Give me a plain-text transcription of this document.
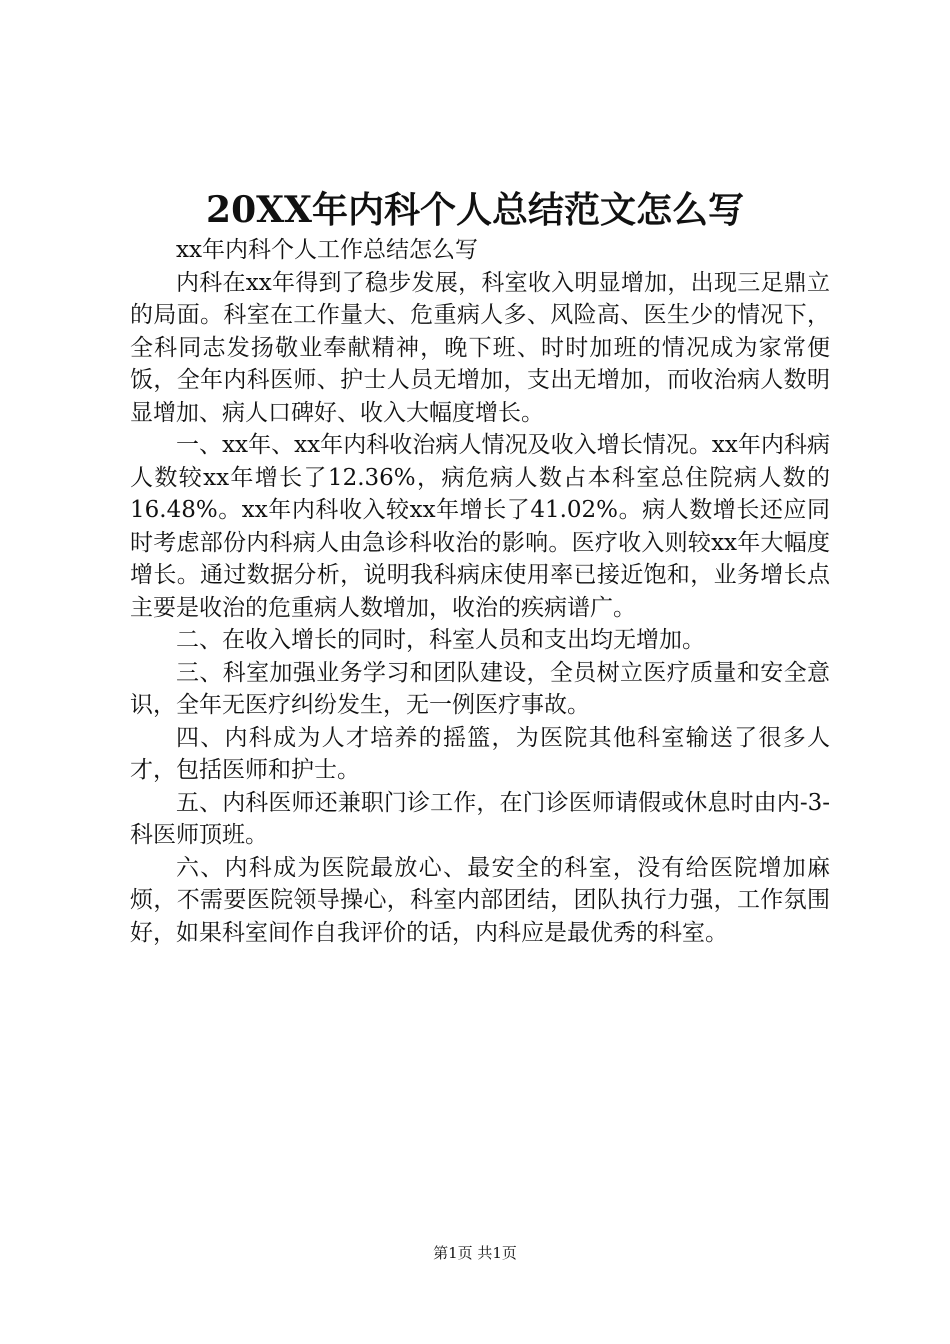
20XX年内科个人总结范文怎么写

xx年内科个人工作总结怎么写

内科在xx年得到了稳步发展，科室收入明显增加，出现三足鼎立的局面。科室在工作量大、危重病人多、风险高、医生少的情况下，全科同志发扬敬业奉献精神，晚下班、时时加班的情况成为家常便饭，全年内科医师、护士人员无增加，支出无增加，而收治病人数明显增加、病人口碑好、收入大幅度增长。

一、xx年、xx年内科收治病人情况及收入增长情况。xx年内科病人数较xx年增长了12.36%，病危病人数占本科室总住院病人数的16.48%。xx年内科收入较xx年增长了41.02%。病人数增长还应同时考虑部份内科病人由急诊科收治的影响。医疗收入则较xx年大幅度增长。通过数据分析，说明我科病床使用率已接近饱和，业务增长点主要是收治的危重病人数增加，收治的疾病谱广。

二、在收入增长的同时，科室人员和支出均无增加。

三、科室加强业务学习和团队建设，全员树立医疗质量和安全意识，全年无医疗纠纷发生，无一例医疗事故。

四、内科成为人才培养的摇篮，为医院其他科室输送了很多人才，包括医师和护士。

五、内科医师还兼职门诊工作，在门诊医师请假或休息时由内-3-科医师顶班。

六、内科成为医院最放心、最安全的科室，没有给医院增加麻烦，不需要医院领导操心，科室内部团结，团队执行力强，工作氛围好，如果科室间作自我评价的话，内科应是最优秀的科室。

第1页 共1页
